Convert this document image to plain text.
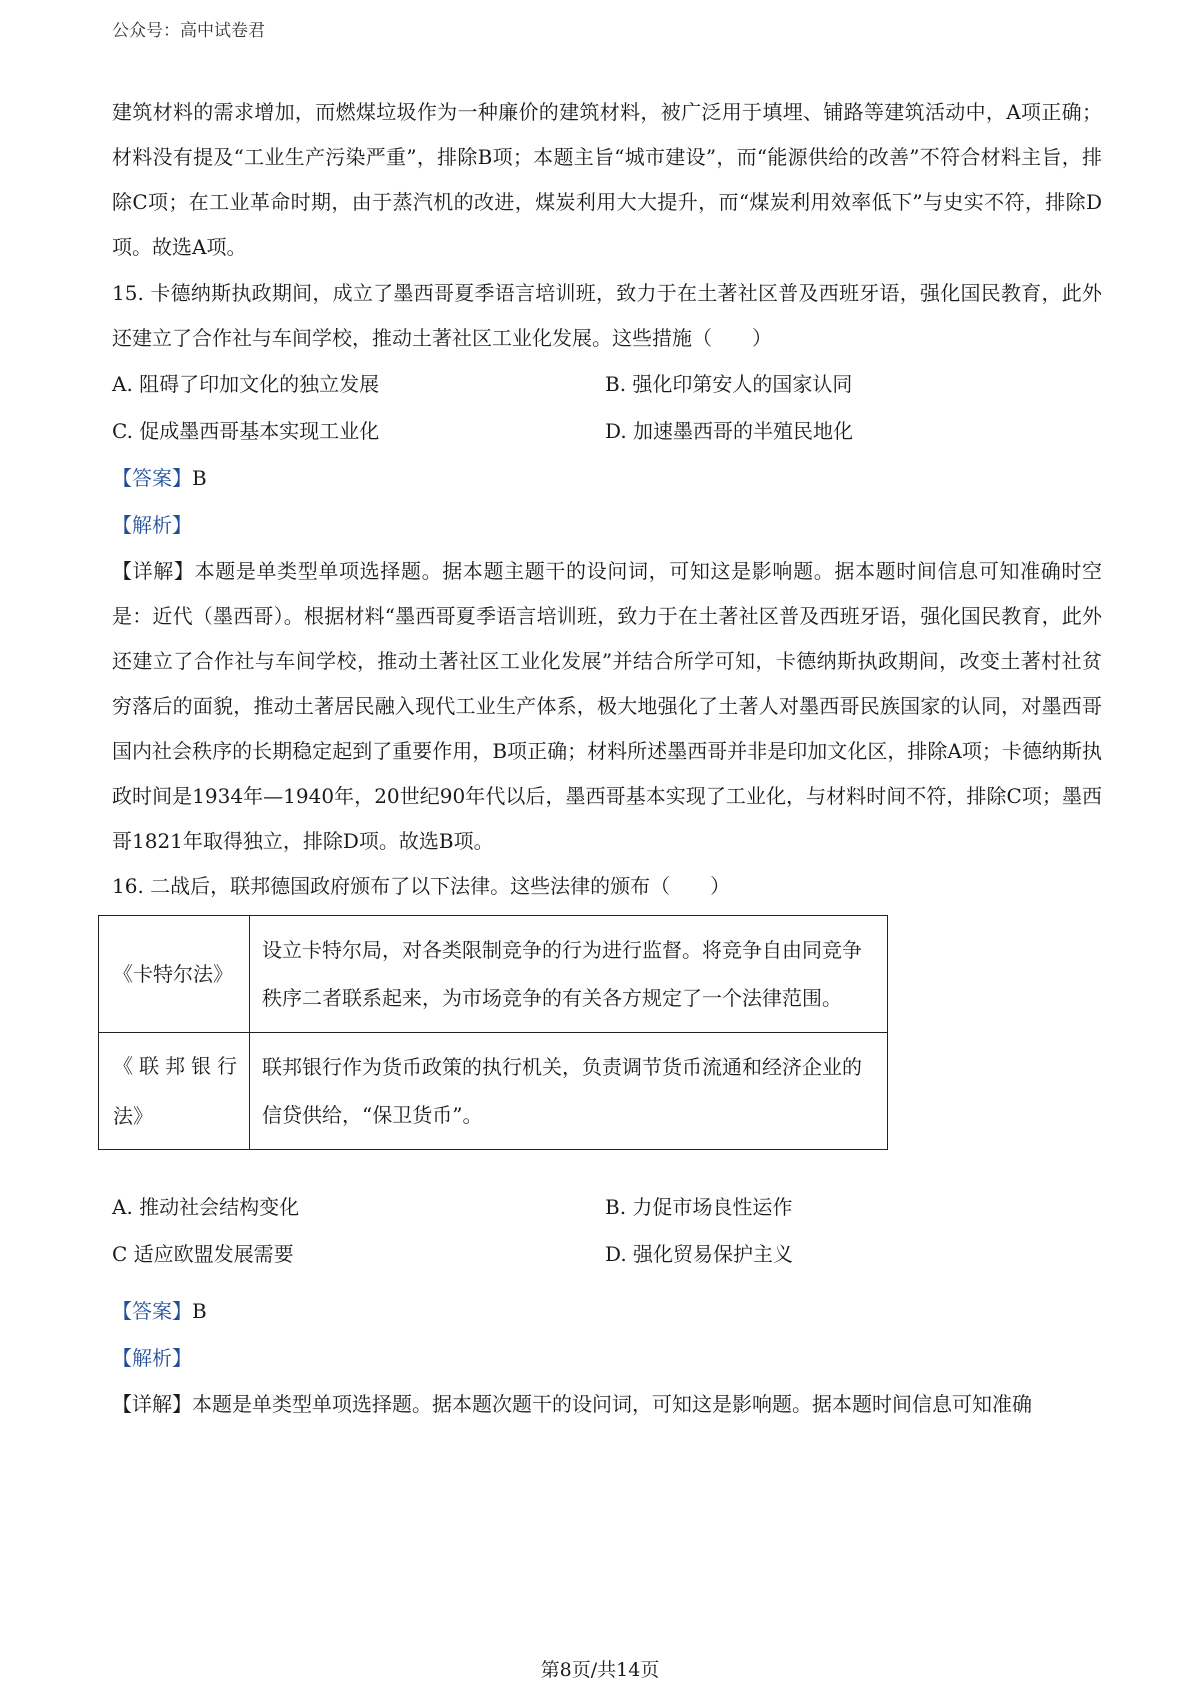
公众号：高中试卷君

建筑材料的需求增加，而燃煤垃圾作为一种廉价的建筑材料，被广泛用于填埋、铺路等建筑活动中，A项正确；材料没有提及“工业生产污染严重”，排除B项；本题主旨“城市建设”，而“能源供给的改善”不符合材料主旨，排除C项；在工业革命时期，由于蒸汽机的改进，煤炭利用大大提升，而“煤炭利用效率低下”与史实不符，排除D项。故选A项。

15. 卡德纳斯执政期间，成立了墨西哥夏季语言培训班，致力于在土著社区普及西班牙语，强化国民教育，此外还建立了合作社与车间学校，推动土著社区工业化发展。这些措施（　　）

A. 阻碍了印加文化的独立发展	B. 强化印第安人的国家认同
C. 促成墨西哥基本实现工业化	D. 加速墨西哥的半殖民地化

【答案】B

【解析】

【详解】本题是单类型单项选择题。据本题主题干的设问词，可知这是影响题。据本题时间信息可知准确时空是：近代（墨西哥）。根据材料“墨西哥夏季语言培训班，致力于在土著社区普及西班牙语，强化国民教育，此外还建立了合作社与车间学校，推动土著社区工业化发展”并结合所学可知，卡德纳斯执政期间，改变土著村社贫穷落后的面貌，推动土著居民融入现代工业生产体系，极大地强化了土著人对墨西哥民族国家的认同，对墨西哥国内社会秩序的长期稳定起到了重要作用，B项正确；材料所述墨西哥并非是印加文化区，排除A项；卡德纳斯执政时间是1934年—1940年，20世纪90年代以后，墨西哥基本实现了工业化，与材料时间不符，排除C项；墨西哥1821年取得独立，排除D项。故选B项。

16. 二战后，联邦德国政府颁布了以下法律。这些法律的颁布（　　）

《卡特尔法》	设立卡特尔局，对各类限制竞争的行为进行监督。将竞争自由同竞争
秩序二者联系起来，为市场竞争的有关各方规定了一个法律范围。

《联邦银行法》	联邦银行作为货币政策的执行机关，负责调节货币流通和经济企业的
信贷供给，“保卫货币”。
A. 推动社会结构变化	B. 力促市场良性运作
C 适应欧盟发展需要	D. 强化贸易保护主义

【答案】B

【解析】

【详解】本题是单类型单项选择题。据本题次题干的设问词，可知这是影响题。据本题时间信息可知准确

第8页/共14页
